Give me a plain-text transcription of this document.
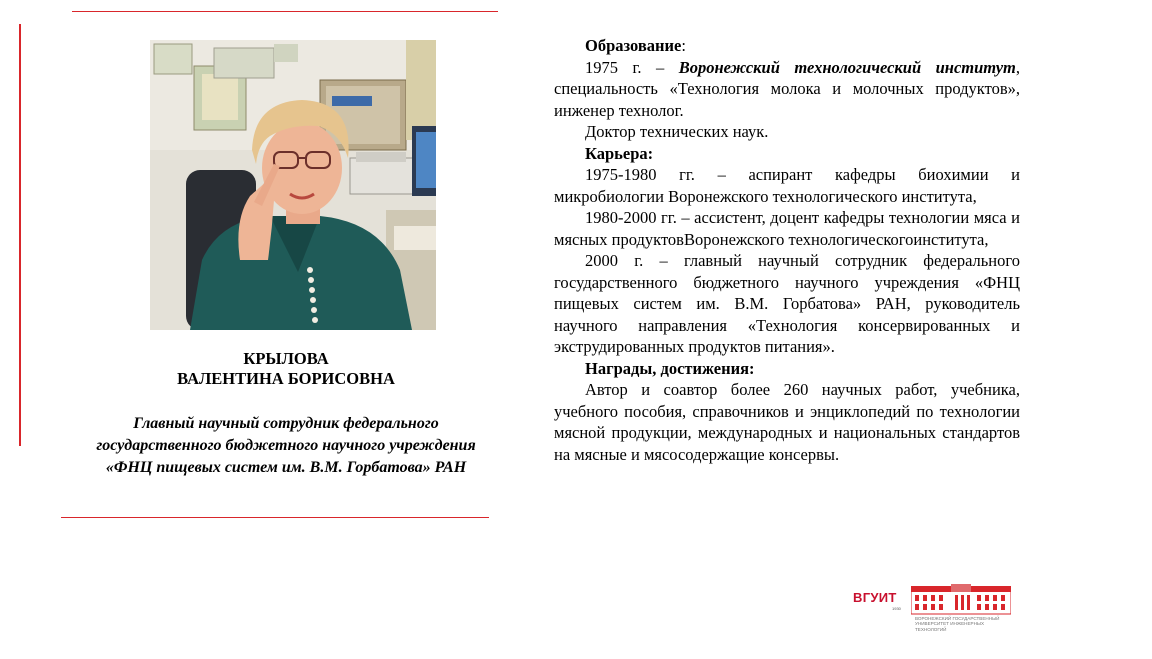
КРЫЛОВА
ВАЛЕНТИНА БОРИСОВНА
Главный научный сотрудник федерального
государственного бюджетного научного учреждения
«ФНЦ пищевых систем им. В.М. Горбатова» РАН

Образование:

1975 г. – Воронежский технологический институт, специальность «Технология молока и молочных продуктов», инженер технолог.

Доктор технических наук.

Карьера:

1975-1980 гг. – аспирант кафедры биохимии и микробиологии Воронежского технологического института,

1980-2000 гг. – ассистент, доцент кафедры технологии мяса и мясных продуктовВоронежского технологическогоинститута,

2000 г. – главный научный сотрудник федерального государственного бюджетного научного учреждения «ФНЦ пищевых систем им. В.М. Горбатова» РАН, руководитель научного направления «Технология консервированных и экструдированных продуктов питания».

Награды, достижения:

Автор и соавтор более 260 научных работ, учебника, учебного пособия, справочников и энциклопедий по технологии мясной продукции, международных и национальных стандартов на мясные и мясосодержащие консервы.

ВГУИТ
1930
ВОРОНЕЖСКИЙ ГОСУДАРСТВЕННЫЙ
УНИВЕРСИТЕТ ИНЖЕНЕРНЫХ
ТЕХНОЛОГИЙ
